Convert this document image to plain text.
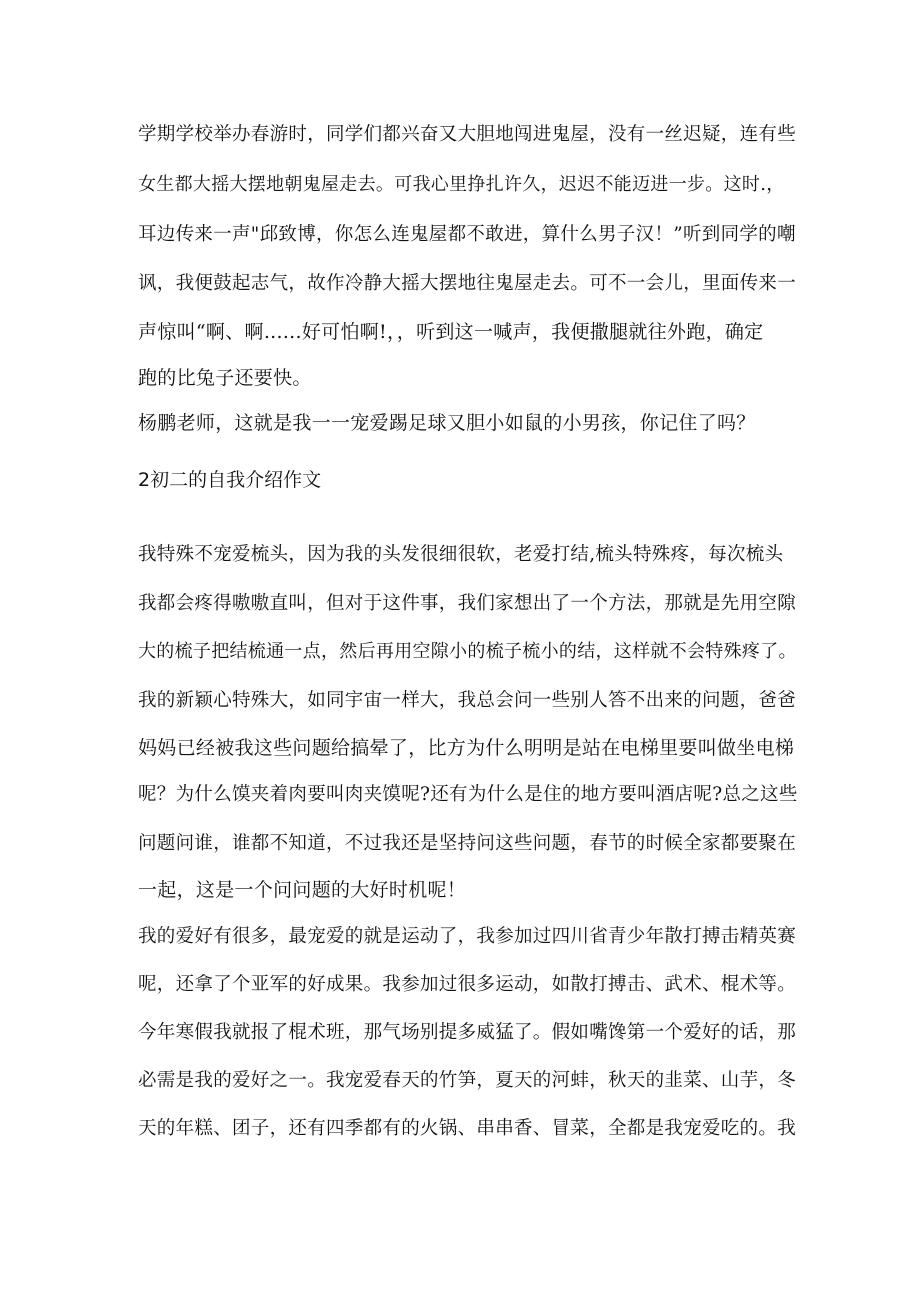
学期学校举办春游时，同学们都兴奋又大胆地闯进鬼屋，没有一丝迟疑，连有些
女生都大摇大摆地朝鬼屋走去。可我心里挣扎许久，迟迟不能迈进一步。这时.，
耳边传来一声"邱致博，你怎么连鬼屋都不敢进，算什么男子汉！”听到同学的嘲
讽，我便鼓起志气，故作冷静大摇大摆地往鬼屋走去。可不一会儿，里面传来一
声惊叫“啊、啊......好可怕啊!，，听到这一喊声，我便撒腿就往外跑，确定
跑的比兔子还要快。
杨鹏老师，这就是我一一宠爱踢足球又胆小如鼠的小男孩，你记住了吗？
2初二的自我介绍作文
我特殊不宠爱梳头，因为我的头发很细很软，老爱打结,梳头特殊疼，每次梳头
我都会疼得嗷嗷直叫，但对于这件事，我们家想出了一个方法，那就是先用空隙
大的梳子把结梳通一点，然后再用空隙小的梳子梳小的结，这样就不会特殊疼了。
我的新颖心特殊大，如同宇宙一样大，我总会问一些别人答不出来的问题，爸爸
妈妈已经被我这些问题给搞晕了，比方为什么明明是站在电梯里要叫做坐电梯
呢？为什么馍夹着肉要叫肉夹馍呢?还有为什么是住的地方要叫酒店呢?总之这些
问题问谁，谁都不知道，不过我还是坚持问这些问题，春节的时候全家都要聚在
一起，这是一个问问题的大好时机呢！
我的爱好有很多，最宠爱的就是运动了，我参加过四川省青少年散打搏击精英赛
呢，还拿了个亚军的好成果。我参加过很多运动，如散打搏击、武术、棍术等。
今年寒假我就报了棍术班，那气场别提多威猛了。假如嘴馋第一个爱好的话，那
必需是我的爱好之一。我宠爱春天的竹笋，夏天的河蚌，秋天的韭菜、山芋，冬
天的年糕、团子，还有四季都有的火锅、串串香、冒菜，全都是我宠爱吃的。我
